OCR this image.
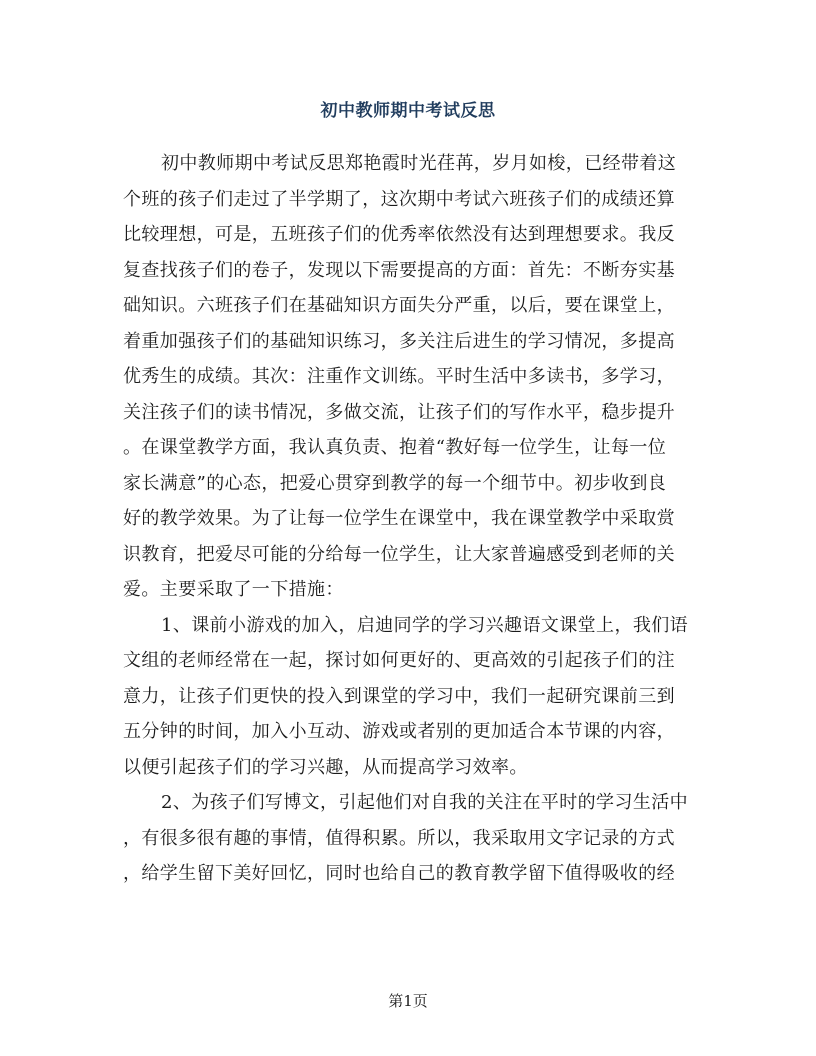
初中教师期中考试反思
初中教师期中考试反思郑艳霞时光荏苒，岁月如梭，已经带着这
个班的孩子们走过了半学期了，这次期中考试六班孩子们的成绩还算
比较理想，可是，五班孩子们的优秀率依然没有达到理想要求。我反
复查找孩子们的卷子，发现以下需要提高的方面：首先：不断夯实基
础知识。六班孩子们在基础知识方面失分严重，以后，要在课堂上，
着重加强孩子们的基础知识练习，多关注后进生的学习情况，多提高
优秀生的成绩。其次：注重作文训练。平时生活中多读书，多学习，
关注孩子们的读书情况，多做交流，让孩子们的写作水平，稳步提升
。在课堂教学方面，我认真负责、抱着“教好每一位学生，让每一位
家长满意”的心态，把爱心贯穿到教学的每一个细节中。初步收到良
好的教学效果。为了让每一位学生在课堂中，我在课堂教学中采取赏
识教育，把爱尽可能的分给每一位学生，让大家普遍感受到老师的关
爱。主要采取了一下措施：
1、课前小游戏的加入，启迪同学的学习兴趣语文课堂上，我们语
文组的老师经常在一起，探讨如何更好的、更高效的引起孩子们的注
意力，让孩子们更快的投入到课堂的学习中，我们一起研究课前三到
五分钟的时间，加入小互动、游戏或者别的更加适合本节课的内容，
以便引起孩子们的学习兴趣，从而提高学习效率。
2、为孩子们写博文，引起他们对自我的关注在平时的学习生活中
，有很多很有趣的事情，值得积累。所以，我采取用文字记录的方式
，给学生留下美好回忆，同时也给自己的教育教学留下值得吸收的经
第1页
